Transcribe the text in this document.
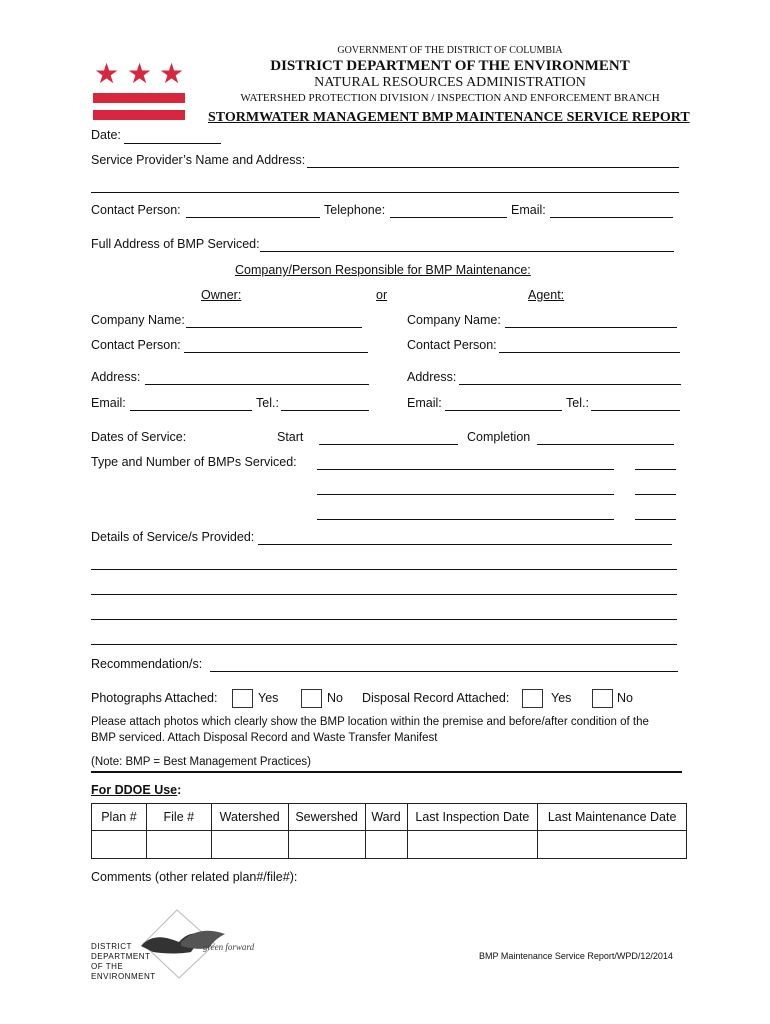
★ ★ ★
GOVERNMENT OF THE DISTRICT OF COLUMBIA
DISTRICT DEPARTMENT OF THE ENVIRONMENT
NATURAL RESOURCES ADMINISTRATION
WATERSHED PROTECTION DIVISION / INSPECTION AND ENFORCEMENT BRANCH
STORMWATER MANAGEMENT BMP MAINTENANCE SERVICE REPORT
Date:
Service Provider’s Name and Address:
Contact Person:	Telephone:	Email:
Full Address of BMP Serviced:
Company/Person Responsible for BMP Maintenance:
Owner:	or	Agent:
Company Name:
Contact Person:
Address:
Email:	Tel.:
Company Name:
Contact Person:
Address:
Email:	Tel.:
Dates of Service:	Start	Completion
Type and Number of BMPs Serviced:
Details of Service/s Provided:
Recommendation/s:
Photographs Attached:	Yes	No Disposal Record Attached:	Yes	No
Please attach photos which clearly show the BMP location within the premise and before/after condition of the
BMP serviced. Attach Disposal Record and Waste Transfer Manifest
(Note: BMP = Best Management Practices)
For DDOE Use:
Plan #	File #	Watershed	Sewershed	Ward	Last Inspection Date	Last Maintenance Date

Comments (other related plan#/file#):
DISTRICT
DEPARTMENT
OF THE
ENVIRONMENT
green forward
BMP Maintenance Service Report/WPD/12/2014
